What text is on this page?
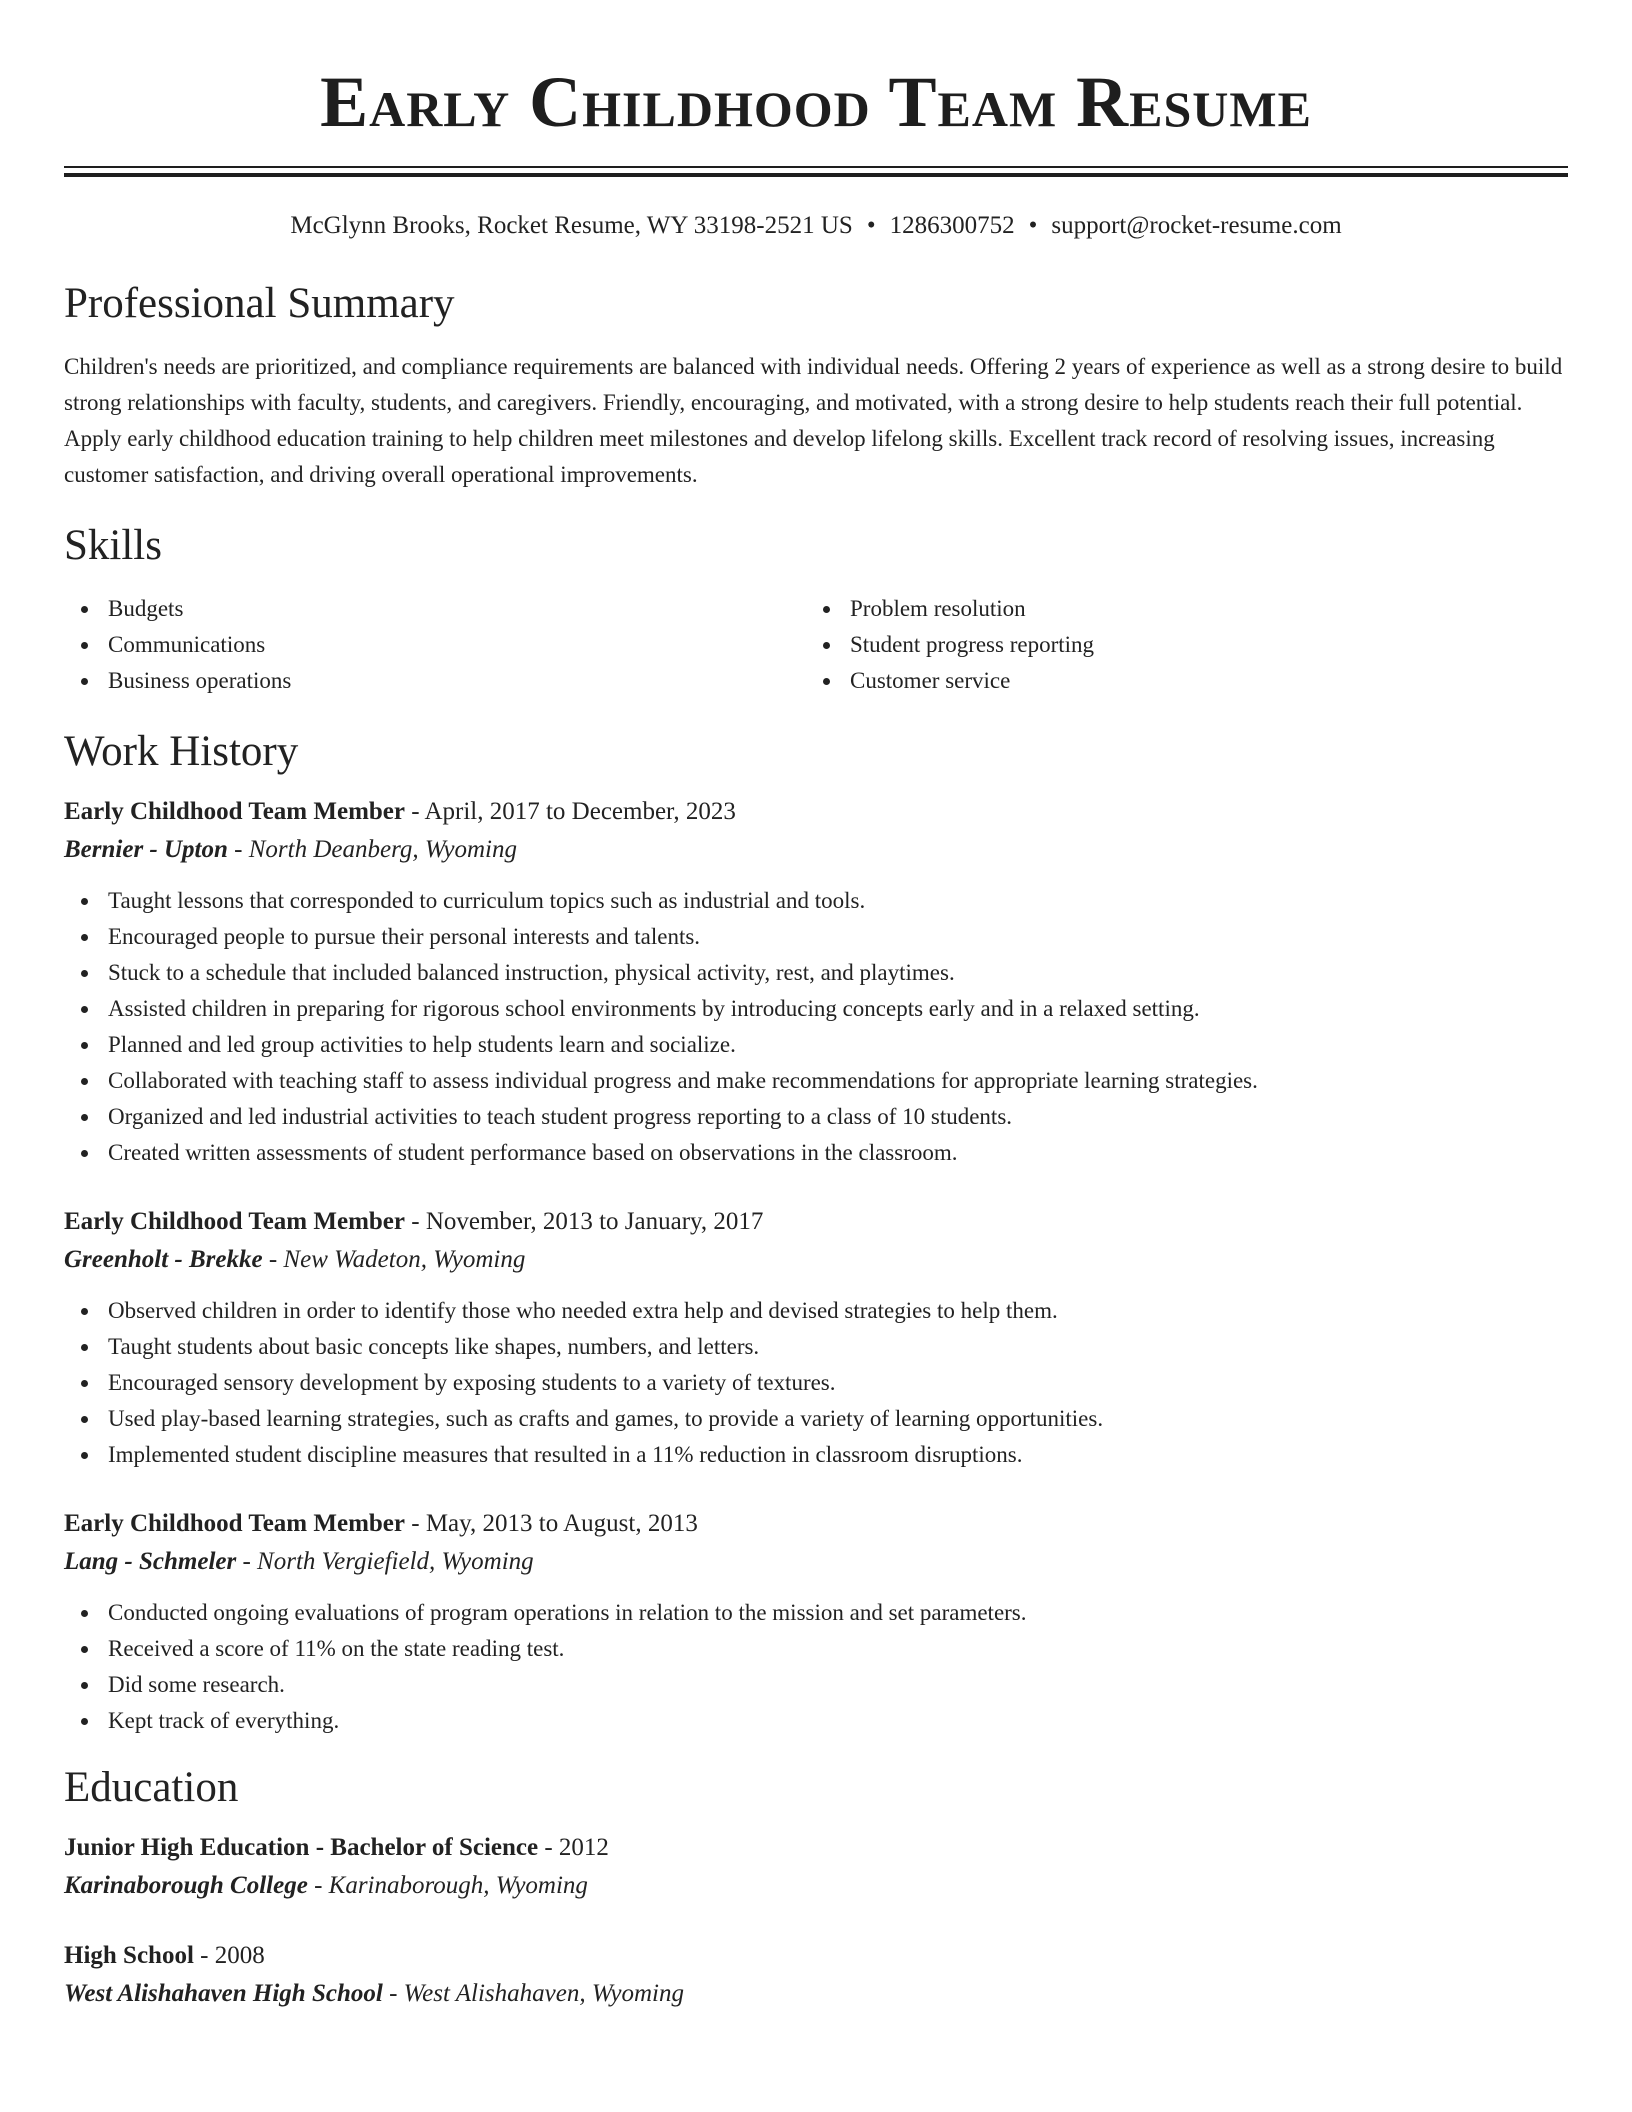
Early Childhood Team Resume
McGlynn Brooks, Rocket Resume, WY 33198-2521 US • 1286300752 • support@rocket-resume.com
Professional Summary

Children's needs are prioritized, and compliance requirements are balanced with individual needs. Offering 2 years of experience as well as a strong desire to build strong relationships with faculty, students, and caregivers. Friendly, encouraging, and motivated, with a strong desire to help students reach their full potential. Apply early childhood education training to help children meet milestones and develop lifelong skills. Excellent track record of resolving issues, increasing customer satisfaction, and driving overall operational improvements.

Skills
Budgets
Communications
Business operations
Problem resolution
Student progress reporting
Customer service
Work History
Early Childhood Team Member - April, 2017 to December, 2023
Bernier - Upton - North Deanberg, Wyoming
Taught lessons that corresponded to curriculum topics such as industrial and tools.
Encouraged people to pursue their personal interests and talents.
Stuck to a schedule that included balanced instruction, physical activity, rest, and playtimes.
Assisted children in preparing for rigorous school environments by introducing concepts early and in a relaxed setting.
Planned and led group activities to help students learn and socialize.
Collaborated with teaching staff to assess individual progress and make recommendations for appropriate learning strategies.
Organized and led industrial activities to teach student progress reporting to a class of 10 students.
Created written assessments of student performance based on observations in the classroom.
Early Childhood Team Member - November, 2013 to January, 2017
Greenholt - Brekke - New Wadeton, Wyoming
Observed children in order to identify those who needed extra help and devised strategies to help them.
Taught students about basic concepts like shapes, numbers, and letters.
Encouraged sensory development by exposing students to a variety of textures.
Used play-based learning strategies, such as crafts and games, to provide a variety of learning opportunities.
Implemented student discipline measures that resulted in a 11% reduction in classroom disruptions.
Early Childhood Team Member - May, 2013 to August, 2013
Lang - Schmeler - North Vergiefield, Wyoming
Conducted ongoing evaluations of program operations in relation to the mission and set parameters.
Received a score of 11% on the state reading test.
Did some research.
Kept track of everything.
Education
Junior High Education - Bachelor of Science - 2012
Karinaborough College - Karinaborough, Wyoming
High School - 2008
West Alishahaven High School - West Alishahaven, Wyoming
